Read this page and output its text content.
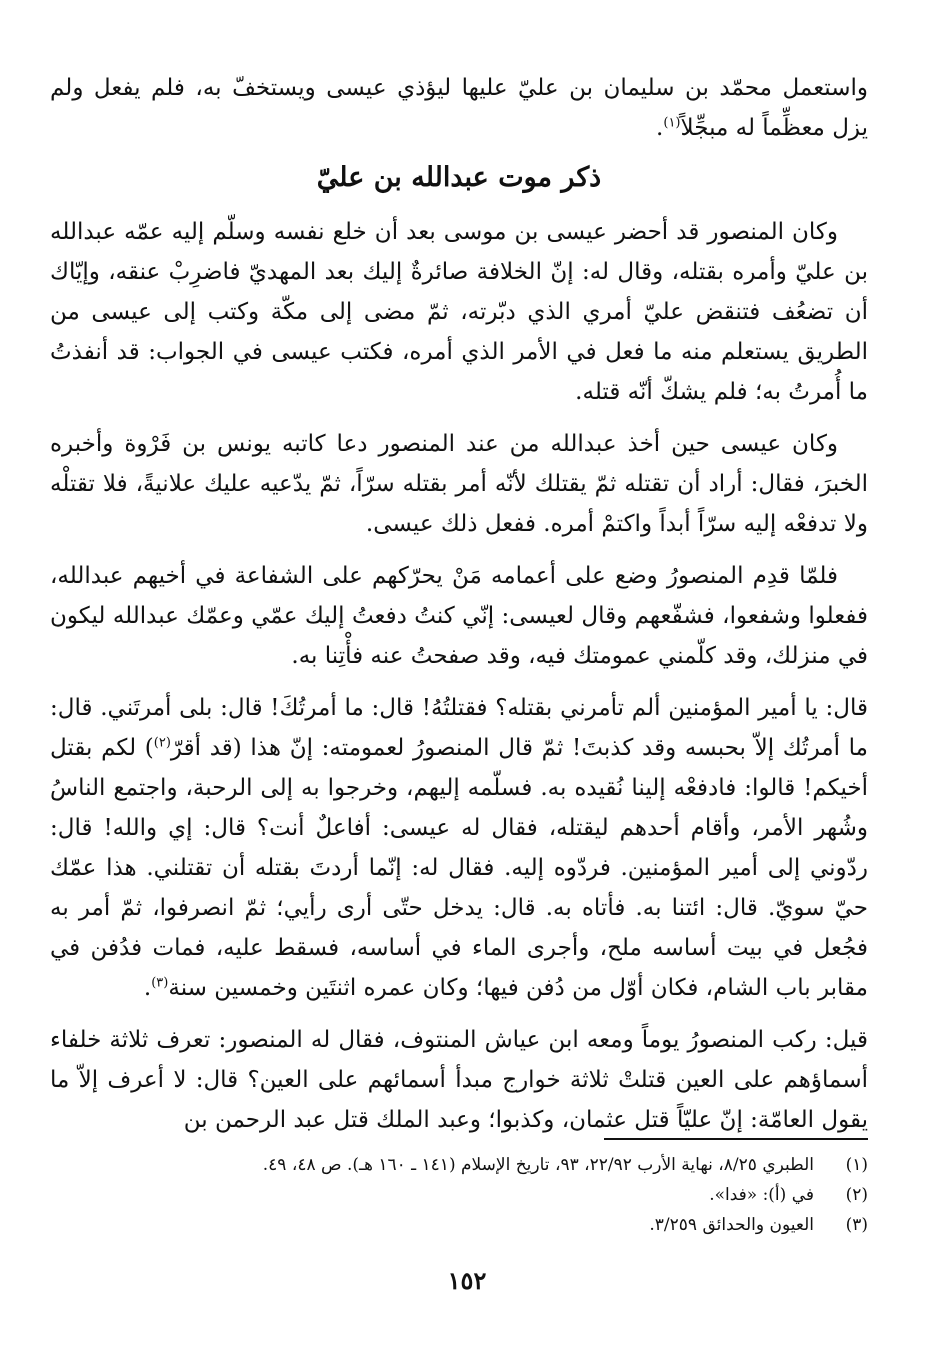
واستعمل محمّد بن سليمان بن عليّ عليها ليؤذي عيسى ويستخفّ به، فلم يفعل ولم يزل معظِّماً له مبجِّلاً$^{(١)}$.

ذكر موت عبدالله بن عليّ

وكان المنصور قد أحضر عيسى بن موسى بعد أن خلع نفسه وسلّم إليه عمّه عبدالله بن عليّ وأمره بقتله، وقال له: إنّ الخلافة صائرةٌ إليك بعد المهديّ فاضرِبْ عنقه، وإيّاك أن تضعُف فتنقض عليّ أمري الذي دبّرته، ثمّ مضى إلى مكّة وكتب إلى عيسى من الطريق يستعلم منه ما فعل في الأمر الذي أمره، فكتب عيسى في الجواب: قد أنفذتُ ما أُمرتُ به؛ فلم يشكّ أنّه قتله.

وكان عيسى حين أخذ عبدالله من عند المنصور دعا كاتبه يونس بن فَرْوة وأخبره الخبرَ، فقال: أراد أن تقتله ثمّ يقتلك لأنّه أمر بقتله سرّاً، ثمّ يدّعيه عليك علانيةً، فلا تقتلْه ولا تدفعْه إليه سرّاً أبداً واكتمْ أمره. ففعل ذلك عيسى.

فلمّا قدِم المنصورُ وضع على أعمامه مَنْ يحرّكهم على الشفاعة في أخيهم عبدالله، ففعلوا وشفعوا، فشفّعهم وقال لعيسى: إنّي كنتُ دفعتُ إليك عمّي وعمّك عبدالله ليكون في منزلك، وقد كلّمني عمومتك فيه، وقد صفحتُ عنه فأْتِنا به.

قال: يا أمير المؤمنين ألم تأمرني بقتله؟ فقتلتُهُ! قال: ما أمرتُكَ! قال: بلى أمرتَني. قال: ما أمرتُك إلاّ بحبسه وقد كذبتَ! ثمّ قال المنصورُ لعمومته: إنّ هذا (قد أقرّ$^{(٢)}$) لكم بقتل أخيكم! قالوا: فادفعْه إلينا نُقيده به. فسلّمه إليهم، وخرجوا به إلى الرحبة، واجتمع الناسُ وشُهر الأمر، وأقام أحدهم ليقتله، فقال له عيسى: أفاعلٌ أنت؟ قال: إي والله! قال: ردّوني إلى أمير المؤمنين. فردّوه إليه. فقال له: إنّما أردتَ بقتله أن تقتلني. هذا عمّك حيّ سويّ. قال: ائتنا به. فأتاه به. قال: يدخل حتّى أرى رأيي؛ ثمّ انصرفوا، ثمّ أمر به فجُعل في بيت أساسه ملح، وأجرى الماء في أساسه، فسقط عليه، فمات فدُفن في مقابر باب الشام، فكان أوّل من دُفن فيها؛ وكان عمره اثنتَين وخمسين سنة$^{(٣)}$.

قيل: ركب المنصورُ يوماً ومعه ابن عياش المنتوف، فقال له المنصور: تعرف ثلاثة خلفاء أسماؤهم على العين قتلتْ ثلاثة خوارج مبدأ أسمائهم على العين؟ قال: لا أعرف إلاّ ما يقول العامّة: إنّ عليّاً قتل عثمان، وكذبوا؛ وعبد الملك قتل عبد الرحمن بن

(١)
الطبري ٨/٢٥، نهاية الأرب ٢٢/٩٢، ٩٣، تاريخ الإسلام (١٤١ ـ ١٦٠ هـ). ص ٤٨، ٤٩.
(٢)
في (أ): «فدا».
(٣)
العيون والحدائق ٣/٢٥٩.
١٥٢
